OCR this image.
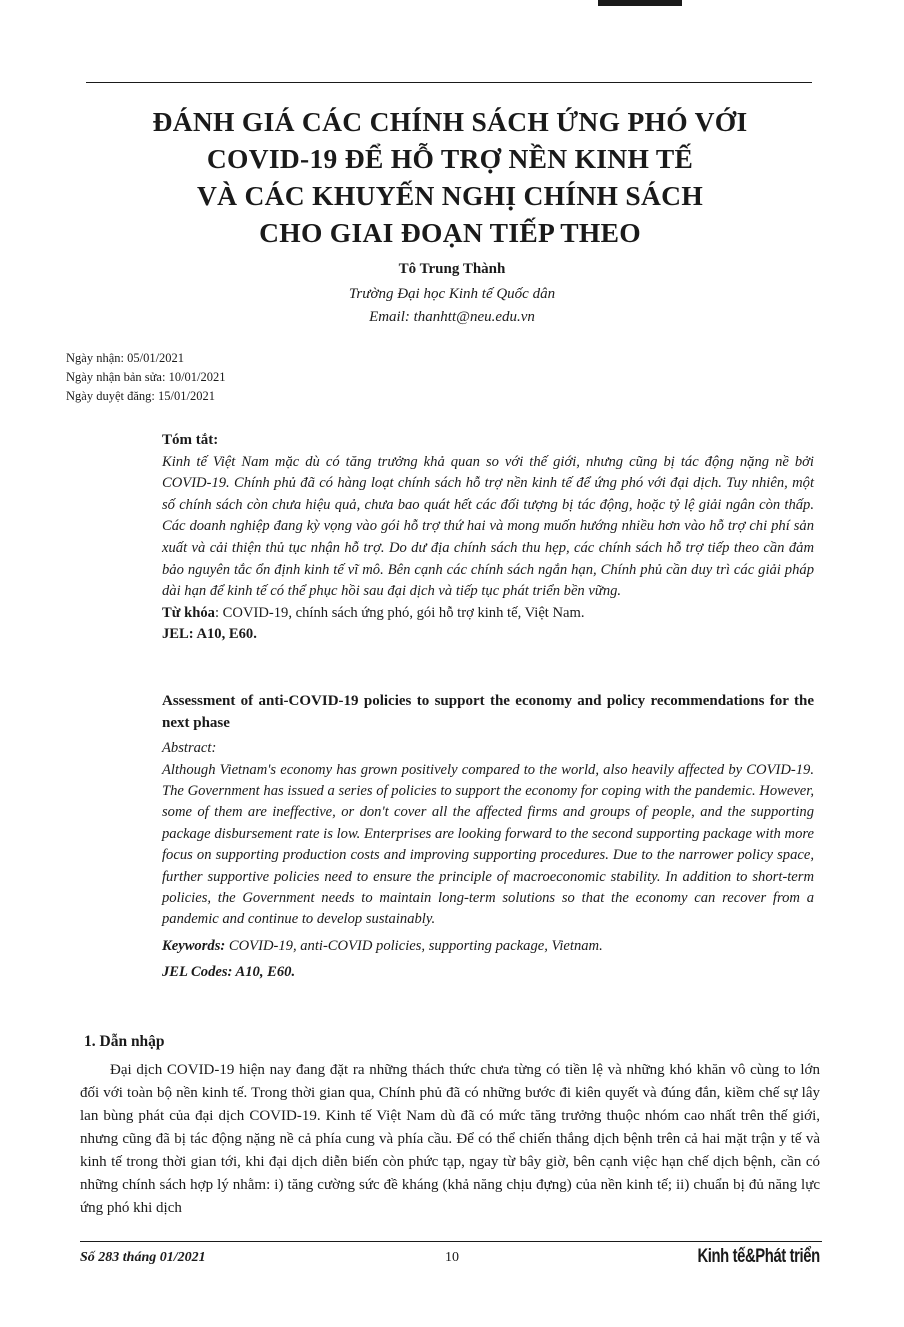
ĐÁNH GIÁ CÁC CHÍNH SÁCH ỨNG PHÓ VỚI
COVID-19 ĐỂ HỖ TRỢ NỀN KINH TẾ
VÀ CÁC KHUYẾN NGHỊ CHÍNH SÁCH
CHO GIAI ĐOẠN TIẾP THEO
Tô Trung Thành
Trường Đại học Kinh tế Quốc dân
Email: thanhtt@neu.edu.vn
Ngày nhận: 05/01/2021
Ngày nhận bản sửa: 10/01/2021
Ngày duyệt đăng: 15/01/2021
Tóm tắt:
Kinh tế Việt Nam mặc dù có tăng trưởng khả quan so với thế giới, nhưng cũng bị tác động nặng nề bởi COVID-19. Chính phủ đã có hàng loạt chính sách hỗ trợ nền kinh tế để ứng phó với đại dịch. Tuy nhiên, một số chính sách còn chưa hiệu quả, chưa bao quát hết các đối tượng bị tác động, hoặc tỷ lệ giải ngân còn thấp. Các doanh nghiệp đang kỳ vọng vào gói hỗ trợ thứ hai và mong muốn hướng nhiều hơn vào hỗ trợ chi phí sản xuất và cải thiện thủ tục nhận hỗ trợ. Do dư địa chính sách thu hẹp, các chính sách hỗ trợ tiếp theo cần đảm bảo nguyên tắc ổn định kinh tế vĩ mô. Bên cạnh các chính sách ngắn hạn, Chính phủ cần duy trì các giải pháp dài hạn để kinh tế có thể phục hồi sau đại dịch và tiếp tục phát triển bền vững.

Từ khóa: COVID-19, chính sách ứng phó, gói hỗ trợ kinh tế, Việt Nam.

JEL: A10, E60.

Assessment of anti-COVID-19 policies to support the economy and policy recommendations for the next phase
Abstract:
Although Vietnam's economy has grown positively compared to the world, also heavily affected by COVID-19. The Government has issued a series of policies to support the economy for coping with the pandemic. However, some of them are ineffective, or don't cover all the affected firms and groups of people, and the supporting package disbursement rate is low. Enterprises are looking forward to the second supporting package with more focus on supporting production costs and improving supporting procedures. Due to the narrower policy space, further supportive policies need to ensure the principle of macroeconomic stability. In addition to short-term policies, the Government needs to maintain long-term solutions so that the economy can recover from a pandemic and continue to develop sustainably.

Keywords: COVID-19, anti-COVID policies, supporting package, Vietnam.

JEL Codes: A10, E60.

1. Dẫn nhập

Đại dịch COVID-19 hiện nay đang đặt ra những thách thức chưa từng có tiền lệ và những khó khăn vô cùng to lớn đối với toàn bộ nền kinh tế. Trong thời gian qua, Chính phủ đã có những bước đi kiên quyết và đúng đắn, kiềm chế sự lây lan bùng phát của đại dịch COVID-19. Kinh tế Việt Nam dù đã có mức tăng trưởng thuộc nhóm cao nhất trên thế giới, nhưng cũng đã bị tác động nặng nề cả phía cung và phía cầu. Để có thể chiến thắng dịch bệnh trên cả hai mặt trận y tế và kinh tế trong thời gian tới, khi đại dịch diễn biến còn phức tạp, ngay từ bây giờ, bên cạnh việc hạn chế dịch bệnh, cần có những chính sách hợp lý nhằm: i) tăng cường sức đề kháng (khả năng chịu đựng) của nền kinh tế; ii) chuẩn bị đủ năng lực ứng phó khi dịch

Số 283 tháng 01/2021	10	Kinh tế&Phát triển
